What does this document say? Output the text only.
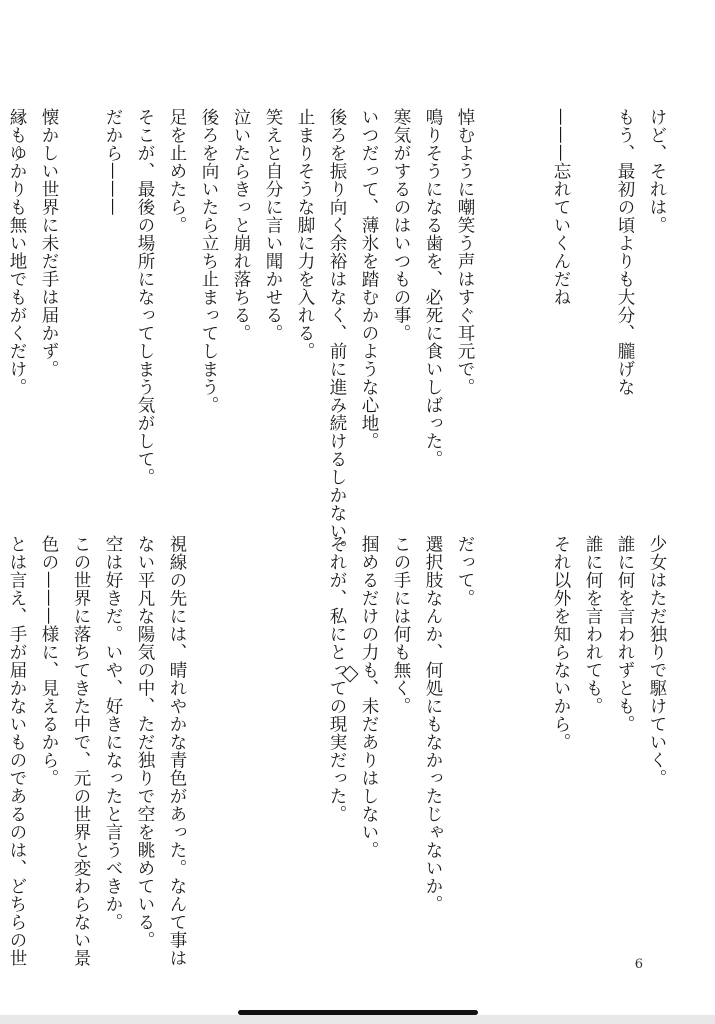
けど、それは。
もう、最初の頃よりも大分、朧げな

———忘れていくんだね

悼むように嘲笑う声はすぐ耳元で。
鳴りそうになる歯を、必死に食いしばった。
寒気がするのはいつもの事。
いつだって、薄氷を踏むかのような心地。
後ろを振り向く余裕はなく、前に進み続けるしかない。
止まりそうな脚に力を入れる。
笑えと自分に言い聞かせる。
泣いたらきっと崩れ落ちる。
後ろを向いたら立ち止まってしまう。
足を止めたら。
そこが、最後の場所になってしまう気がして。
だから———

懐かしい世界に未だ手は届かず。
縁もゆかりも無い地でもがくだけ。
少女はただ独りで駆けていく。
誰に何を言われずとも。
誰に何を言われても。
それ以外を知らないから。

だって。
選択肢なんか、何処にもなかったじゃないか。
この手には何も無く。
掴めるだけの力も、未だありはしない。
それが、私にとっての現実だった。

視線の先には、晴れやかな青色があった。なんて事は
ない平凡な陽気の中、ただ独りで空を眺めている。
空は好きだ。いや、好きになったと言うべきか。
この世界に落ちてきた中で、元の世界と変わらない景
色の———様に、見えるから。
とは言え、手が届かないものであるのは、どちらの世	6
